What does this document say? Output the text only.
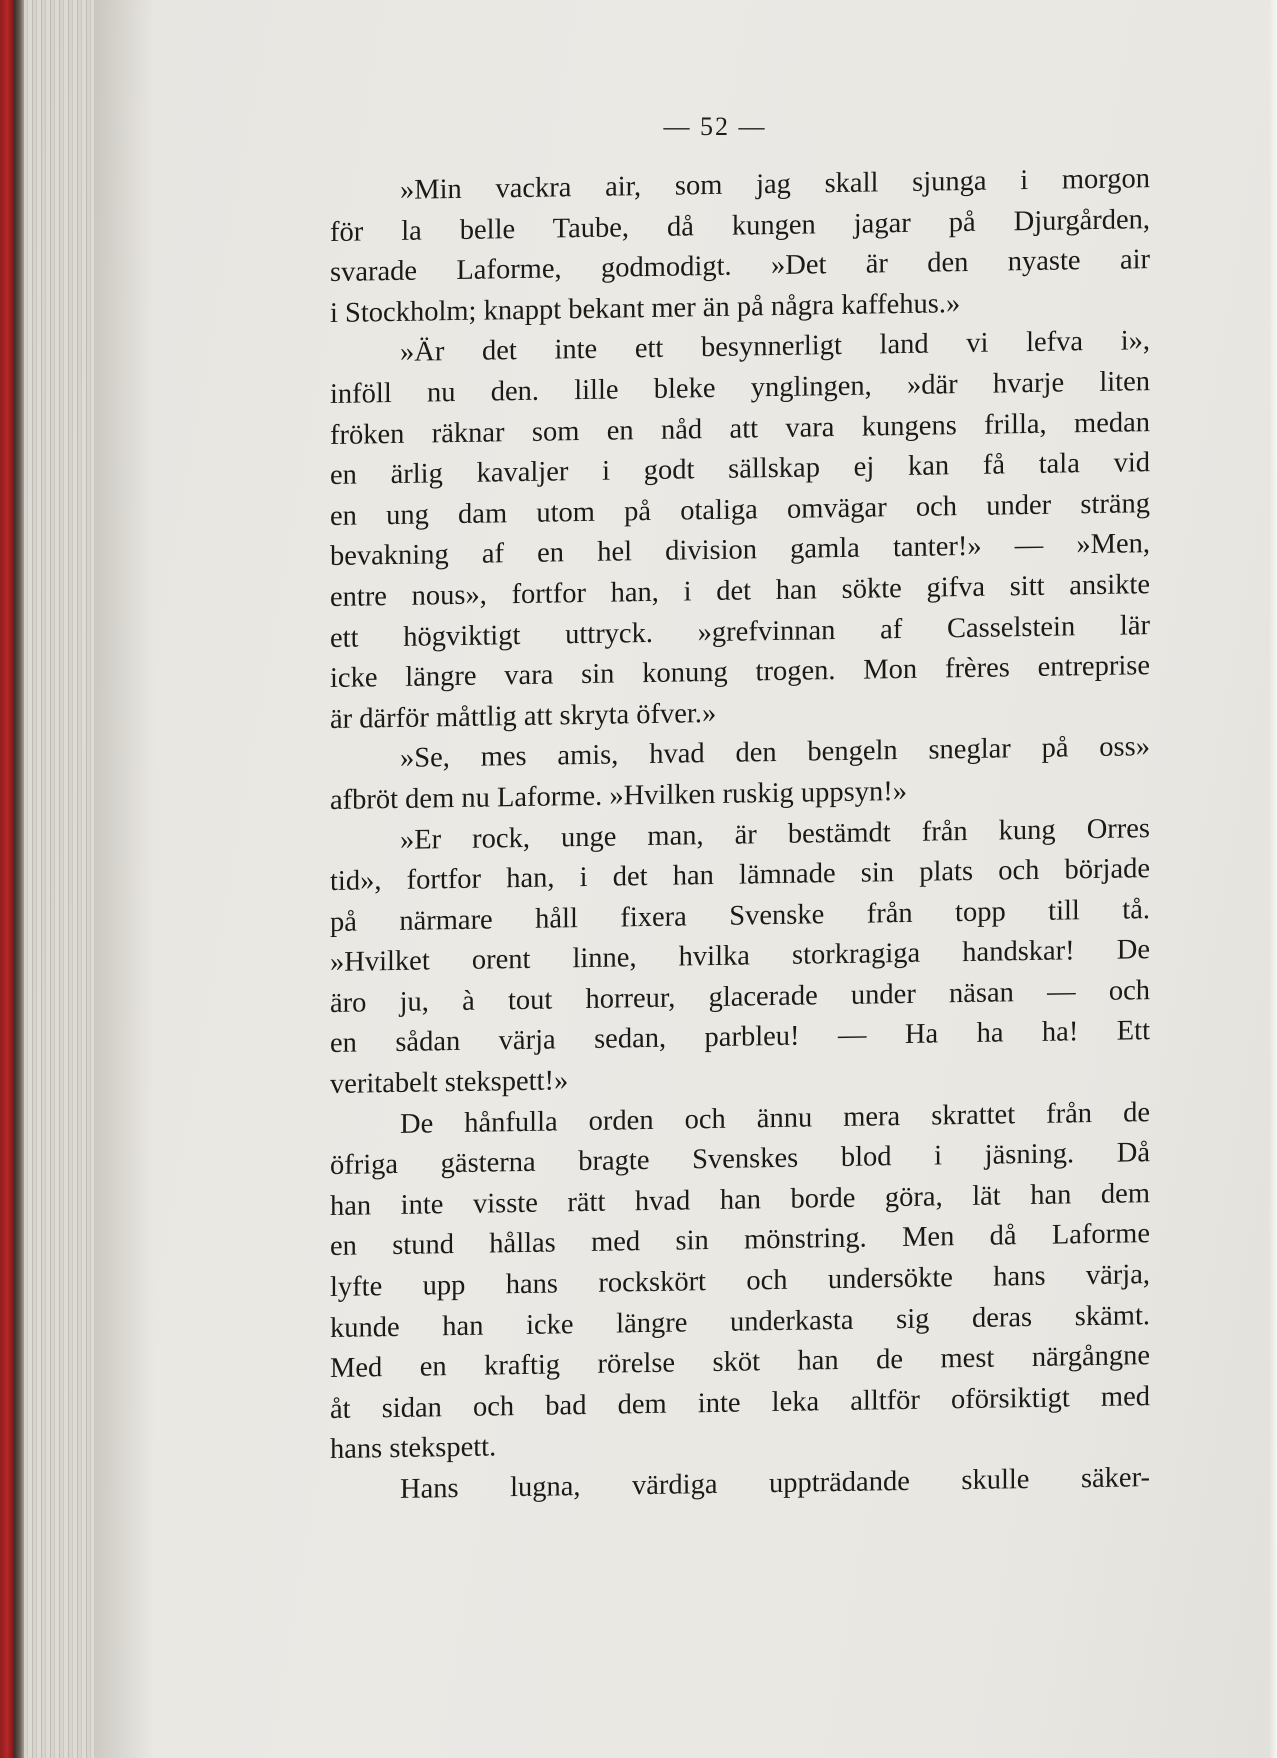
— 52 —

»Min vackra air, som jag skall sjunga i morgon

för la belle Taube, då kungen jagar på Djurgården,

svarade Laforme, godmodigt. »Det är den nyaste air

i Stockholm; knappt bekant mer än på några kaffehus.»

»Är det inte ett besynnerligt land vi lefva i»,

inföll nu den. lille bleke ynglingen, »där hvarje liten

fröken räknar som en nåd att vara kungens frilla, medan

en ärlig kavaljer i godt sällskap ej kan få tala vid

en ung dam utom på otaliga omvägar och under sträng

bevakning af en hel division gamla tanter!» — »Men,

entre nous», fortfor han, i det han sökte gifva sitt ansikte

ett högviktigt uttryck. »grefvinnan af Casselstein lär

icke längre vara sin konung trogen. Mon frères entreprise

är därför måttlig att skryta öfver.»

»Se, mes amis, hvad den bengeln sneglar på oss»

afbröt dem nu Laforme. »Hvilken ruskig uppsyn!»

»Er rock, unge man, är bestämdt från kung Orres

tid», fortfor han, i det han lämnade sin plats och började

på närmare håll fixera Svenske från topp till tå.

»Hvilket orent linne, hvilka storkragiga handskar! De

äro ju, à tout horreur, glacerade under näsan — och

en sådan värja sedan, parbleu! — Ha ha ha! Ett

veritabelt stekspett!»

De hånfulla orden och ännu mera skrattet från de

öfriga gästerna bragte Svenskes blod i jäsning. Då

han inte visste rätt hvad han borde göra, lät han dem

en stund hållas med sin mönstring. Men då Laforme

lyfte upp hans rockskört och undersökte hans värja,

kunde han icke längre underkasta sig deras skämt.

Med en kraftig rörelse sköt han de mest närgångne

åt sidan och bad dem inte leka alltför oförsiktigt med

hans stekspett.

Hans lugna, värdiga uppträdande skulle säker-
